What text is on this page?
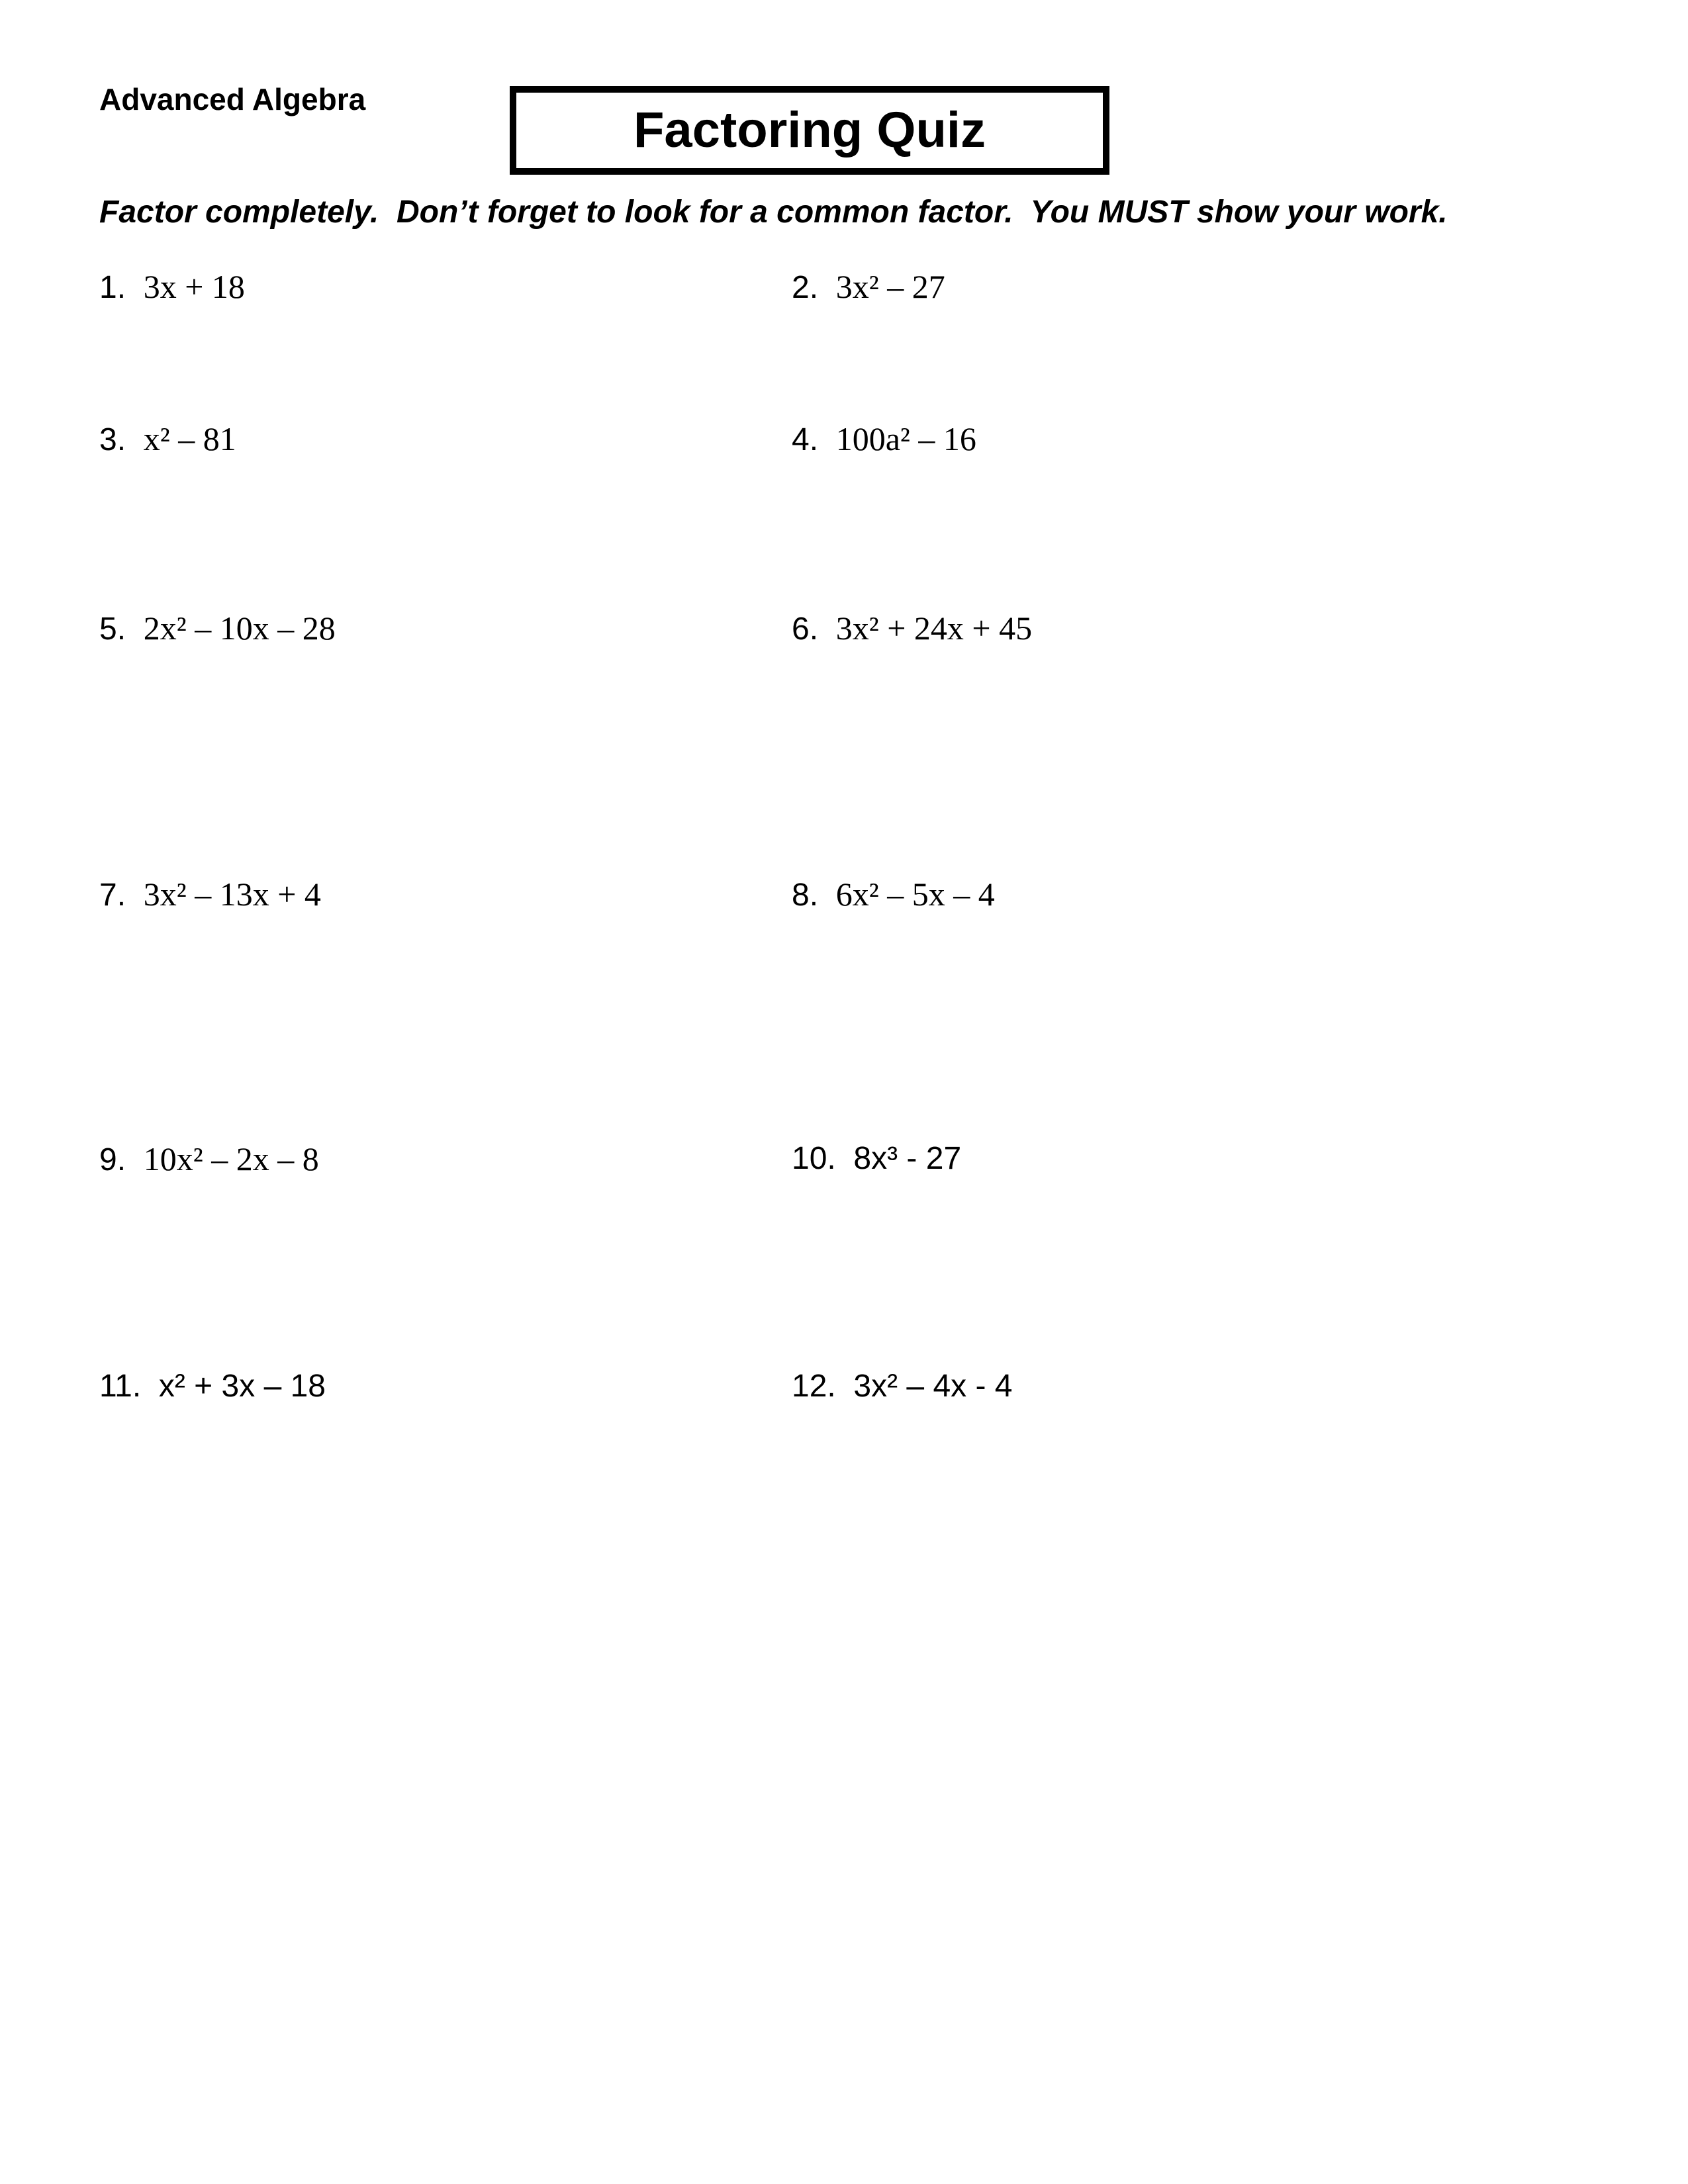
Advanced Algebra
Factoring Quiz
Factor completely.  Don’t forget to look for a common factor.  You MUST show your work.
1. 3x + 18	2. 3x² – 27
3. x² – 81	4. 100a² – 16
5. 2x² – 10x – 28	6. 3x² + 24x + 45
7. 3x² – 13x + 4	8. 6x² – 5x – 4
9. 10x² – 2x – 8	10. 8x³ - 27
11. x² + 3x – 18	12. 3x² – 4x - 4
